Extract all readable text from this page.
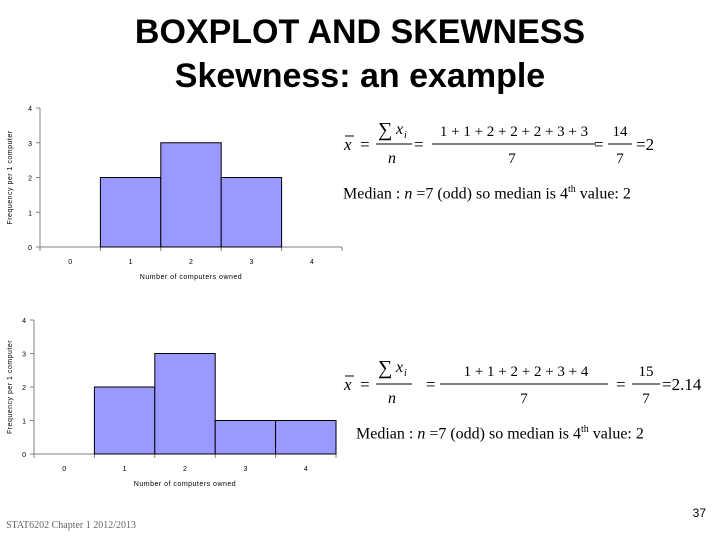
BOXPLOT AND SKEWNESS
Skewness: an example
0
1
2
3
4
0	1	2	3	4
Number of computers owned
Frequency per 1 computer
0
1
2
3
4
0	1	2	3	4
Number of computers owned
Frequency per 1 computer
x =
∑ x i
n
=
1 + 1 + 2 + 2 + 2 + 3 + 3
7
=
14
7
=2
Median : n =7 (odd) so median is 4th value: 2
x =
∑ x i
n
=
1 + 1 + 2 + 2 + 3 + 4
7
=
15
7
=2.14
Median : n =7 (odd) so median is 4th value: 2
STAT6202 Chapter 1 2012/2013
37
